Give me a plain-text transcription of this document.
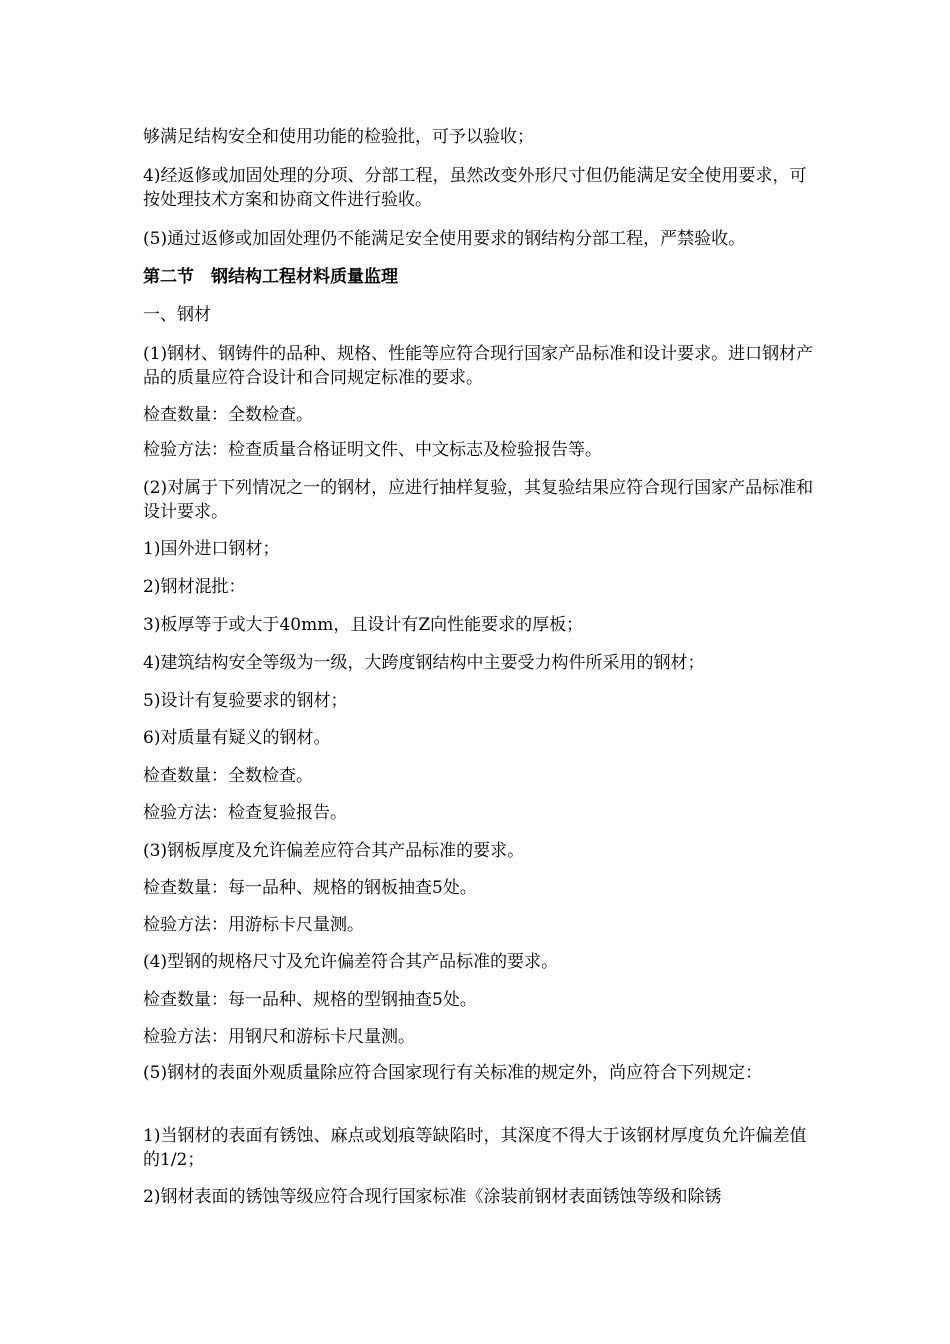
够满足结构安全和使用功能的检验批，可予以验收；
4)经返修或加固处理的分项、分部工程，虽然改变外形尺寸但仍能满足安全使用要求，可按处理技术方案和协商文件进行验收。
(5)通过返修或加固处理仍不能满足安全使用要求的钢结构分部工程，严禁验收。
第二节　钢结构工程材料质量监理
一、钢材
(1)钢材、钢铸件的品种、规格、性能等应符合现行国家产品标准和设计要求。进口钢材产品的质量应符合设计和合同规定标准的要求。
检查数量：全数检查。
检验方法：检查质量合格证明文件、中文标志及检验报告等。
(2)对属于下列情况之一的钢材，应进行抽样复验，其复验结果应符合现行国家产品标准和设计要求。
1)国外进口钢材；
2)钢材混批：
3)板厚等于或大于40mm，且设计有Z向性能要求的厚板；
4)建筑结构安全等级为一级，大跨度钢结构中主要受力构件所采用的钢材；
5)设计有复验要求的钢材；
6)对质量有疑义的钢材。
检查数量：全数检查。
检验方法：检查复验报告。
(3)钢板厚度及允许偏差应符合其产品标准的要求。
检查数量：每一品种、规格的钢板抽查5处。
检验方法：用游标卡尺量测。
(4)型钢的规格尺寸及允许偏差符合其产品标准的要求。
检查数量：每一品种、规格的型钢抽查5处。
检验方法：用钢尺和游标卡尺量测。
(5)钢材的表面外观质量除应符合国家现行有关标准的规定外，尚应符合下列规定：
1)当钢材的表面有锈蚀、麻点或划痕等缺陷时，其深度不得大于该钢材厚度负允许偏差值的1/2；
2)钢材表面的锈蚀等级应符合现行国家标准《涂装前钢材表面锈蚀等级和除锈
